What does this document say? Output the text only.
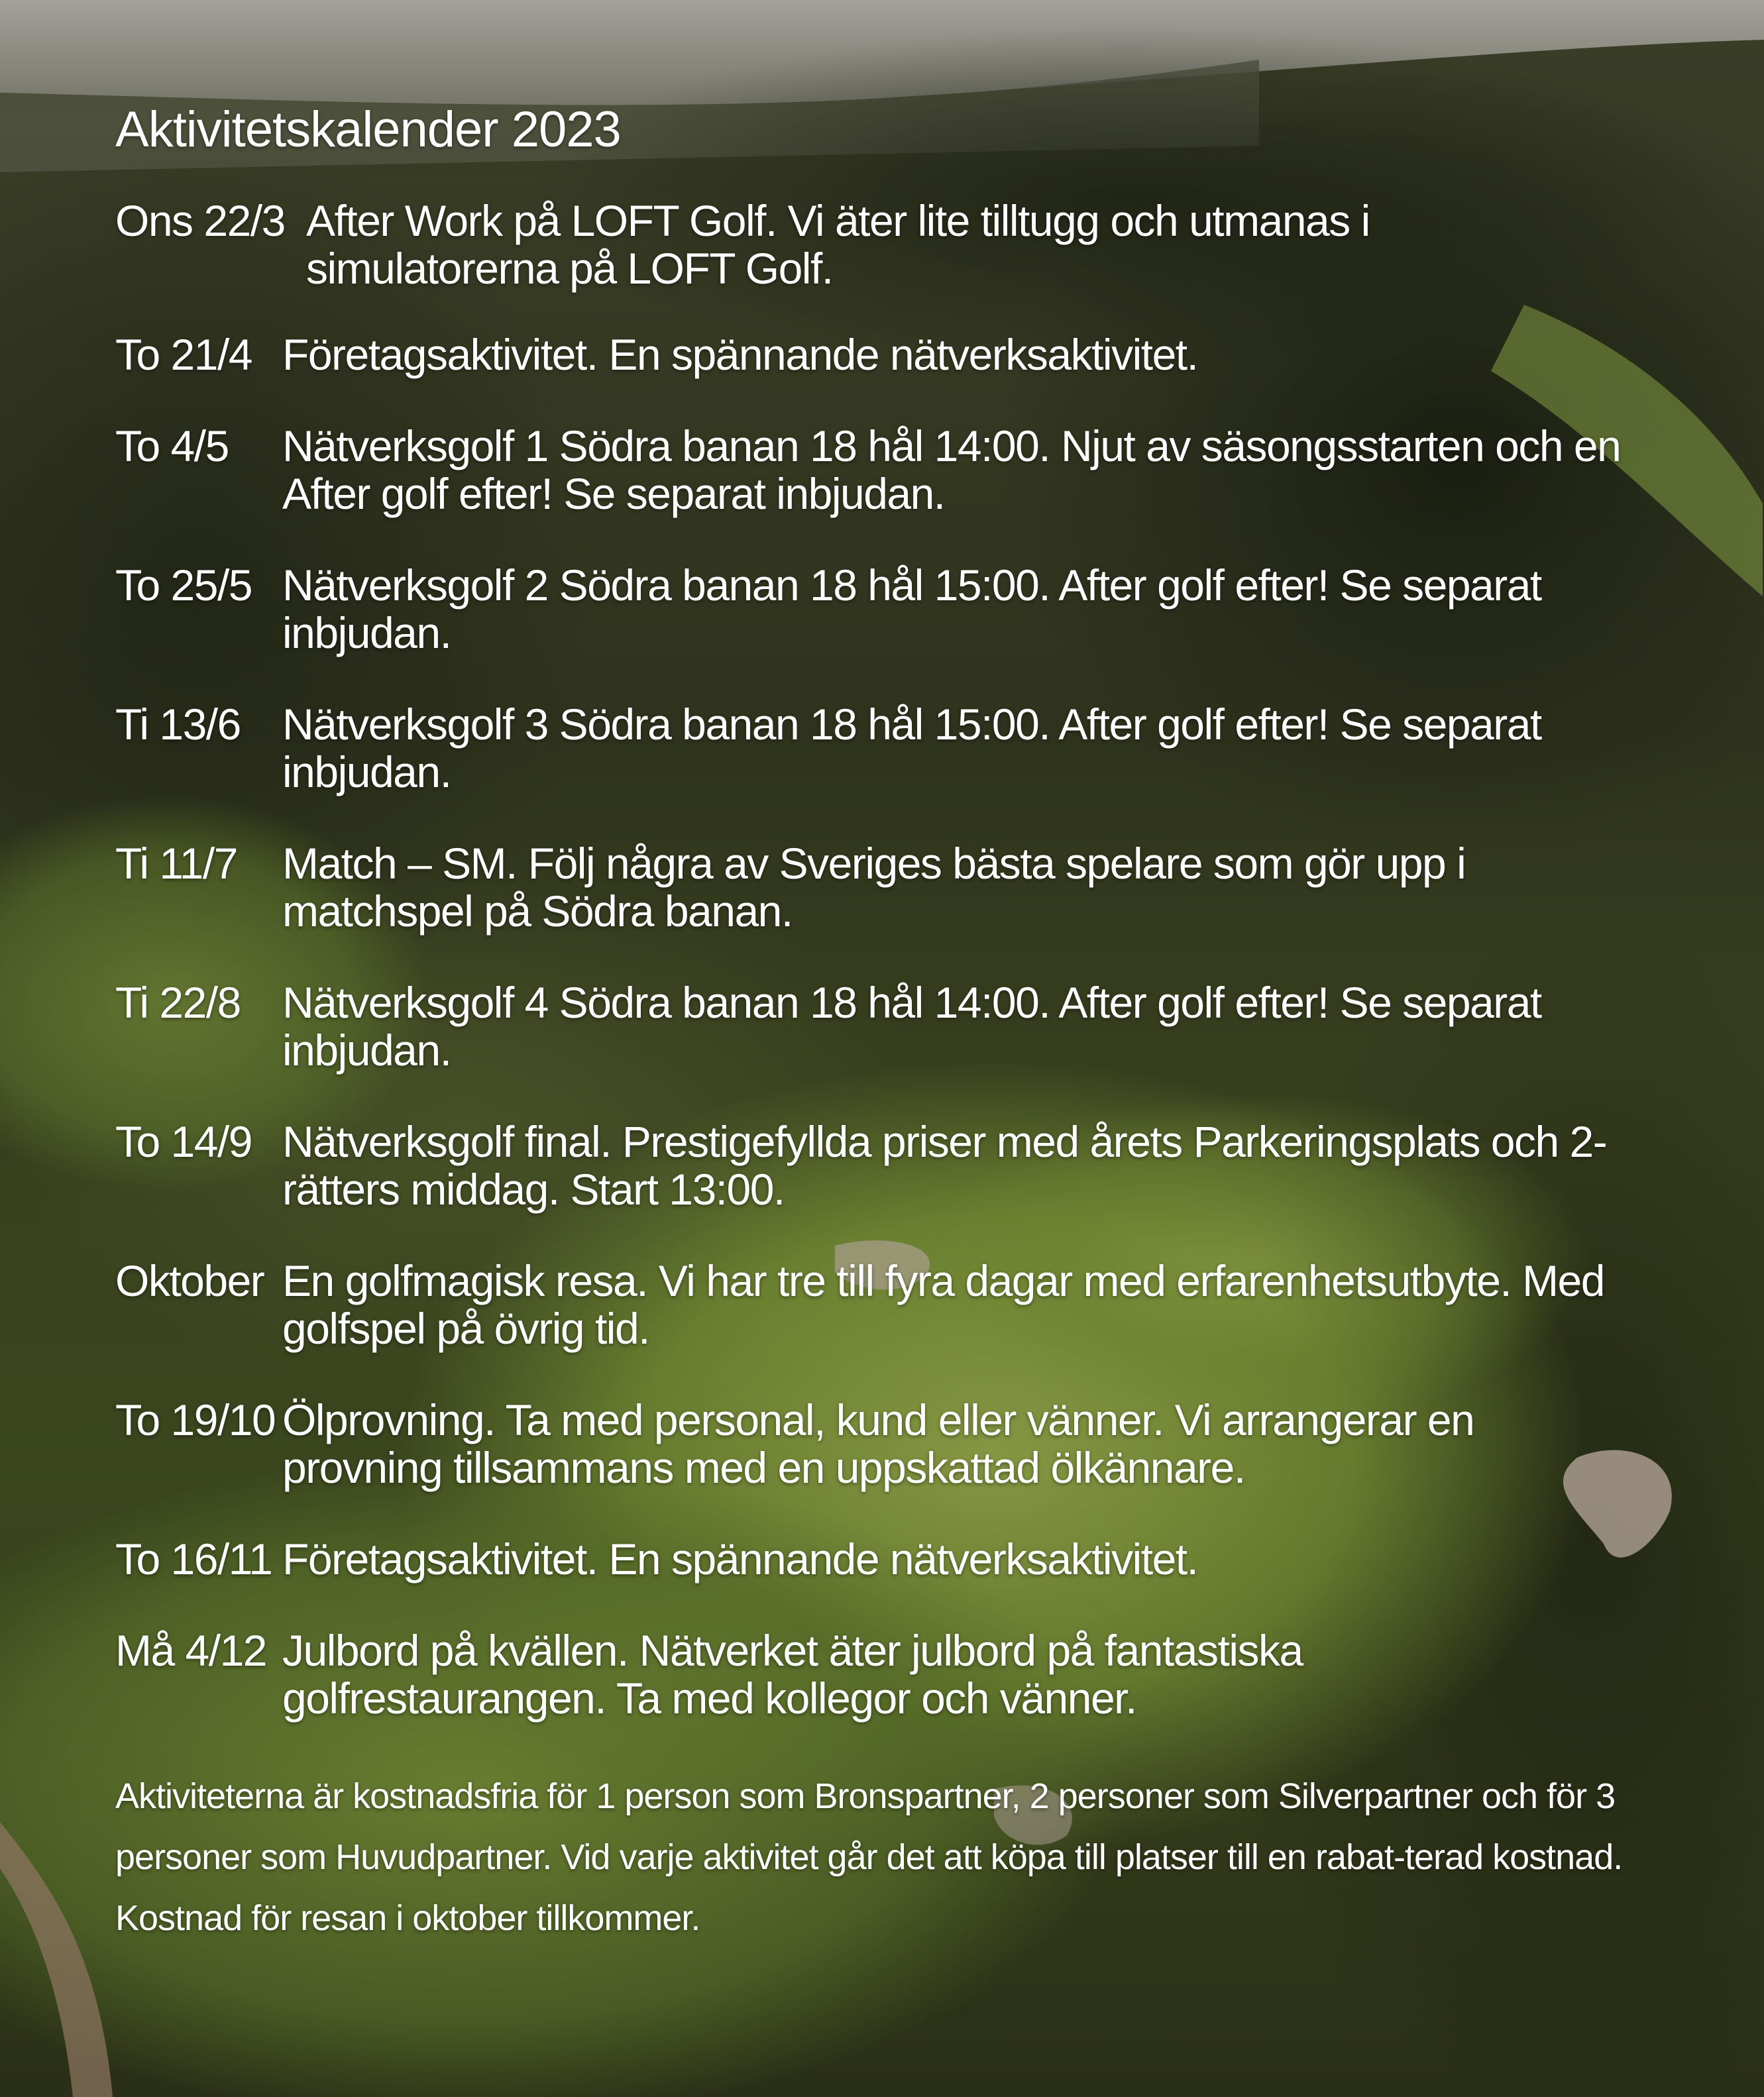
Aktivitetskalender 2023
Ons 22/3 After Work på LOFT Golf. Vi äter lite tilltugg och utmanas i simulatorerna på LOFT Golf.
To 21/4 Företagsaktivitet. En spännande nätverksaktivitet.
To 4/5	Nätverksgolf 1 Södra banan 18 hål 14:00. Njut av säsongsstarten och en After golf efter! Se separat inbjudan.
To 25/5 Nätverksgolf 2 Södra banan 18 hål 15:00. After golf efter! Se separat inbjudan.
Ti 13/6 Nätverksgolf 3 Södra banan 18 hål 15:00. After golf efter! Se separat inbjudan.
Ti 11/7	Match – SM. Följ några av Sveriges bästa spelare som gör upp i matchspel på Södra banan.
Ti 22/8 Nätverksgolf 4 Södra banan 18 hål 14:00. After golf efter! Se separat inbjudan.
To 14/9 Nätverksgolf final. Prestigefyllda priser med årets Parkeringsplats och 2-rätters middag. Start 13:00.
Oktober En golfmagisk resa. Vi har tre till fyra dagar med erfarenhetsutbyte. Med golfspel på övrig tid.
To 19/10 Ölprovning. Ta med personal, kund eller vänner. Vi arrangerar en provning tillsammans med en uppskattad ölkännare.
To 16/11 Företagsaktivitet. En spännande nätverksaktivitet.
Må 4/12 Julbord på kvällen. Nätverket äter julbord på fantastiska golfrestaurangen. Ta med kollegor och vänner.

Aktiviteterna är kostnadsfria för 1 person som Bronspartner, 2 personer som Silverpartner och för 3 personer som Huvudpartner. Vid varje aktivitet går det att köpa till platser till en rabat-terad kostnad. Kostnad för resan i oktober tillkommer.
